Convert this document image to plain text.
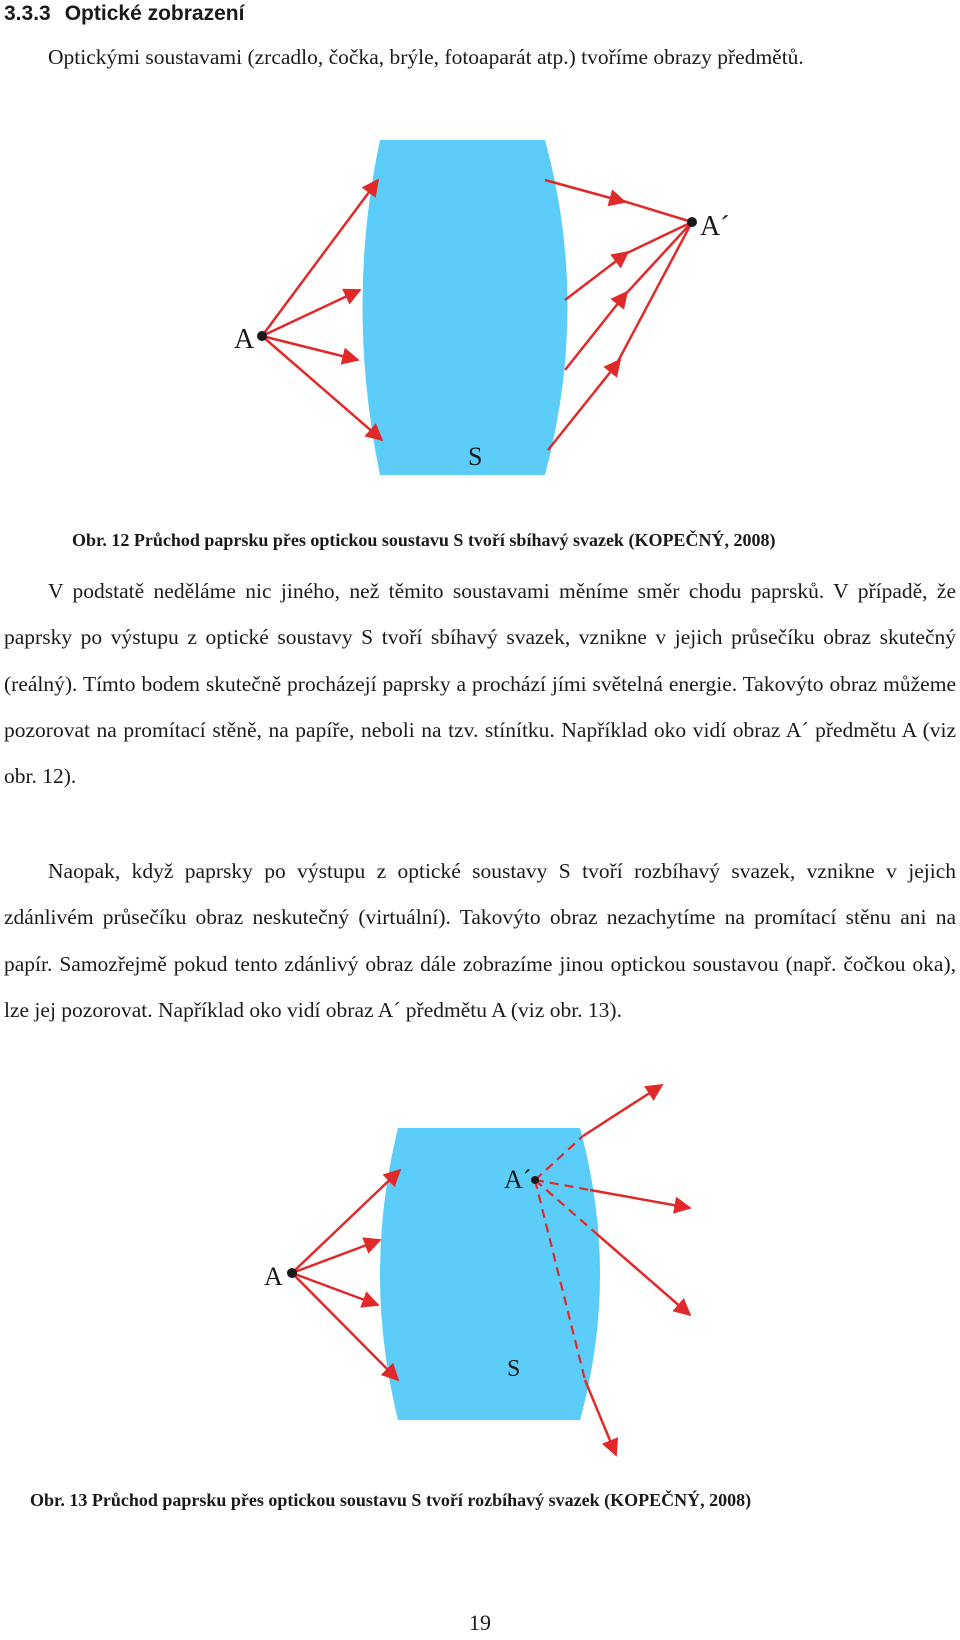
3.3.3 Optické zobrazení

Optickými soustavami (zrcadlo, čočka, brýle, fotoaparát atp.) tvoříme obrazy předmětů.

A
A´
S

Obr. 12 Průchod paprsku přes optickou soustavu S tvoří sbíhavý svazek (KOPEČNÝ, 2008)

V podstatě neděláme nic jiného, než těmito soustavami měníme směr chodu paprsků. V případě, že paprsky po výstupu z optické soustavy S tvoří sbíhavý svazek, vznikne v jejich průsečíku obraz skutečný (reálný). Tímto bodem skutečně procházejí paprsky a prochází jími světelná energie. Takovýto obraz můžeme pozorovat na promítací stěně, na papíře, neboli na tzv. stínítku. Například oko vidí obraz A´ předmětu A (viz obr. 12).

Naopak, když paprsky po výstupu z optické soustavy S tvoří rozbíhavý svazek, vznikne v jejich zdánlivém průsečíku obraz neskutečný (virtuální). Takovýto obraz nezachytíme na promítací stěnu ani na papír. Samozřejmě pokud tento zdánlivý obraz dále zobrazíme jinou optickou soustavou (např. čočkou oka), lze jej pozorovat. Například oko vidí obraz A´ předmětu A (viz obr. 13).

A
A´
S

Obr. 13 Průchod paprsku přes optickou soustavu S tvoří rozbíhavý svazek (KOPEČNÝ, 2008)

19
